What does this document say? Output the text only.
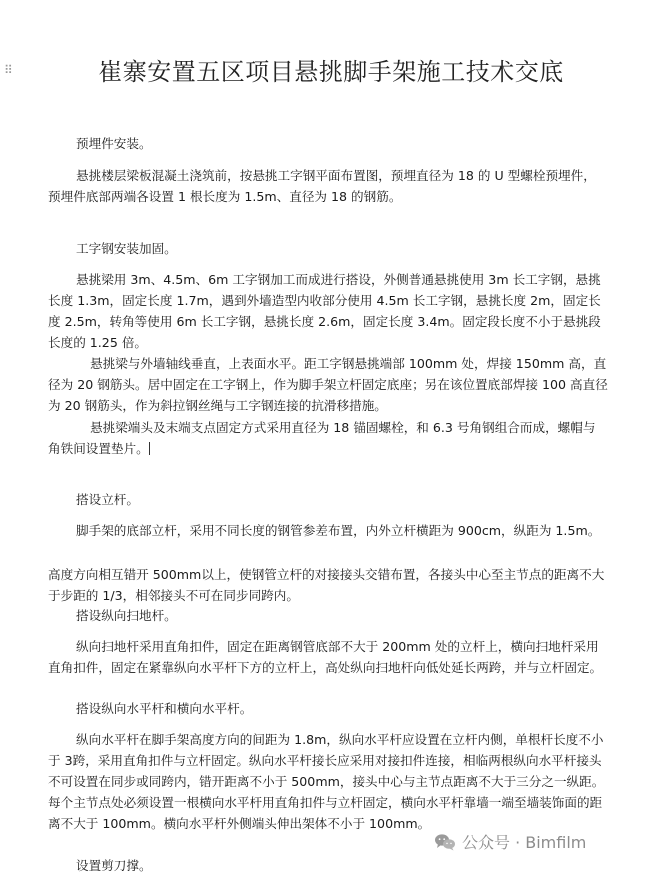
⠿	崔寨安置五区项目悬挑脚手架施工技术交底

预埋件安装。

悬挑楼层梁板混凝土浇筑前，按悬挑工字钢平面布置图，预埋直径为 18 的 U 型螺栓预埋件，预埋件底部两端各设置 1 根长度为 1.5m、直径为 18 的钢筋。

工字钢安装加固。

悬挑梁用 3m、4.5m、6m 工字钢加工而成进行搭设，外侧普通悬挑使用 3m 长工字钢，悬挑长度 1.3m，固定长度 1.7m，遇到外墙造型内收部分使用 4.5m 长工字钢，悬挑长度 2m，固定长度 2.5m，转角等使用 6m 长工字钢，悬挑长度 2.6m，固定长度 3.4m。固定段长度不小于悬挑段长度的 1.25 倍。

悬挑梁与外墙轴线垂直，上表面水平。距工字钢悬挑端部 100mm 处，焊接 150mm 高，直径为 20 钢筋头。居中固定在工字钢上，作为脚手架立杆固定底座；另在该位置底部焊接 100 高直径为 20 钢筋头，作为斜拉钢丝绳与工字钢连接的抗滑移措施。

悬挑梁端头及末端支点固定方式采用直径为 18 锚固螺栓，和 6.3 号角钢组合而成，螺帽与角铁间设置垫片。

搭设立杆。

脚手架的底部立杆，采用不同长度的钢管参差布置，内外立杆横距为 900cm，纵距为 1.5m。

高度方向相互错开 500mm以上，使钢管立杆的对接接头交错布置，各接头中心至主节点的距离不大于步距的 1/3，相邻接头不可在同步同跨内。

搭设纵向扫地杆。

纵向扫地杆采用直角扣件，固定在距离钢管底部不大于 200mm 处的立杆上，横向扫地杆采用直角扣件，固定在紧靠纵向水平杆下方的立杆上，高处纵向扫地杆向低处延长两跨，并与立杆固定。

搭设纵向水平杆和横向水平杆。

纵向水平杆在脚手架高度方向的间距为 1.8m，纵向水平杆应设置在立杆内侧，单根杆长度不小于 3跨，采用直角扣件与立杆固定。纵向水平杆接长应采用对接扣件连接，相临两根纵向水平杆接头不可设置在同步或同跨内，错开距离不小于 500mm，接头中心与主节点距离不大于三分之一纵距。每个主节点处必须设置一根横向水平杆用直角扣件与立杆固定，横向水平杆靠墙一端至墙装饰面的距离不大于 100mm。横向水平杆外侧端头伸出架体不小于 100mm。

设置剪刀撑。

公众号 · Bimfilm
